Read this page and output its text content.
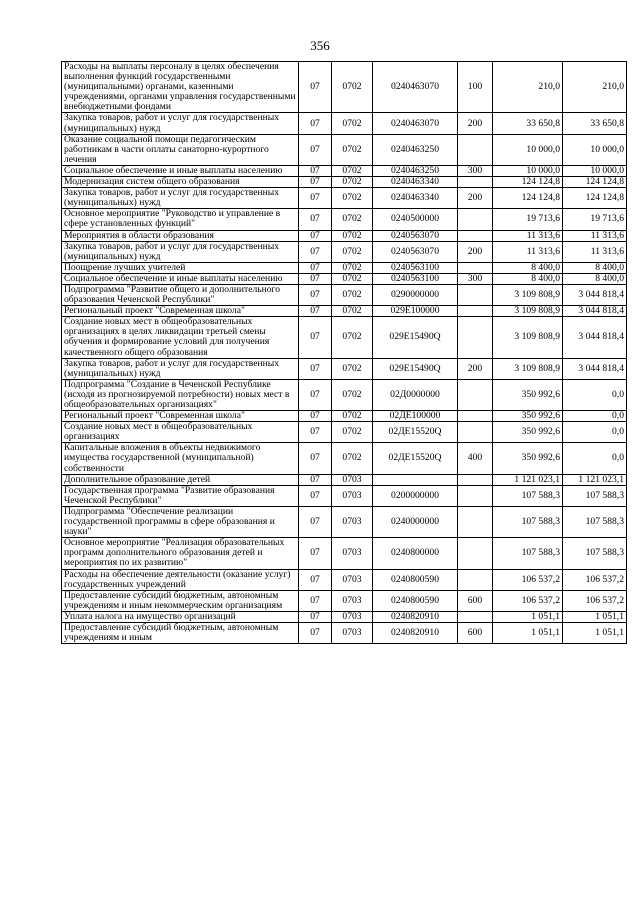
356
Расходы на выплаты персоналу в целях обеспечения выполнения функций государственными (муниципальными) органами, казенными учреждениями, органами управления государственными внебюджетными фондами	07	0702	0240463070	100	210,0	210,0
Закупка товаров, работ и услуг для государственных (муниципальных) нужд	07	0702	0240463070	200	33 650,8	33 650,8
Оказание социальной помощи педагогическим работникам в части оплаты санаторно-курортного лечения	07	0702	0240463250		10 000,0	10 000,0
Социальное обеспечение и иные выплаты населению	07	0702	0240463250	300	10 000,0	10 000,0
Модернизация систем общего образования	07	0702	0240463340		124 124,8	124 124,8
Закупка товаров, работ и услуг для государственных (муниципальных) нужд	07	0702	0240463340	200	124 124,8	124 124,8
Основное мероприятие "Руководство и управление в сфере установленных функций"	07	0702	0240500000		19 713,6	19 713,6
Мероприятия в области образования	07	0702	0240563070		11 313,6	11 313,6
Закупка товаров, работ и услуг для государственных (муниципальных) нужд	07	0702	0240563070	200	11 313,6	11 313,6
Поощрение лучших учителей	07	0702	0240563100		8 400,0	8 400,0
Социальное обеспечение и иные выплаты населению	07	0702	0240563100	300	8 400,0	8 400,0
Подпрограмма "Развитие общего и дополнительного образования Чеченской Республики"	07	0702	0290000000		3 109 808,9	3 044 818,4
Региональный проект "Современная школа"	07	0702	029E100000		3 109 808,9	3 044 818,4
Создание новых мест в общеобразовательных организациях в целях ликвидации третьей смены обучения и формирование условий для получения качественного общего образования	07	0702	029E15490Q		3 109 808,9	3 044 818,4
Закупка товаров, работ и услуг для государственных (муниципальных) нужд	07	0702	029E15490Q	200	3 109 808,9	3 044 818,4
Подпрограмма "Создание в Чеченской Республике (исходя из прогнозируемой потребности) новых мест в общеобразовательных организациях"	07	0702	02Д0000000		350 992,6	0,0
Региональный проект "Современная школа"	07	0702	02ДЕ100000		350 992,6	0,0
Создание новых мест в общеобразовательных организациях	07	0702	02ДЕ15520Q		350 992,6	0,0
Капитальные вложения в объекты недвижимого имущества государственной (муниципальной) собственности	07	0702	02ДЕ15520Q	400	350 992,6	0,0
Дополнительное образование детей	07	0703			1 121 023,1	1 121 023,1
Государственная программа "Развитие образования Чеченской Республики"	07	0703	0200000000		107 588,3	107 588,3
Подпрограмма "Обеспечение реализации государственной программы в сфере образования и науки"	07	0703	0240000000		107 588,3	107 588,3
Основное мероприятие "Реализация образовательных программ дополнительного образования детей и мероприятия по их развитию"	07	0703	0240800000		107 588,3	107 588,3
Расходы на обеспечение деятельности (оказание услуг) государственных учреждений	07	0703	0240800590		106 537,2	106 537,2
Предоставление субсидий бюджетным, автономным учреждениям и иным некоммерческим организациям	07	0703	0240800590	600	106 537,2	106 537,2
Уплата налога на имущество организаций	07	0703	0240820910		1 051,1	1 051,1
Предоставление субсидий бюджетным, автономным учреждениям и иным	07	0703	0240820910	600	1 051,1	1 051,1
